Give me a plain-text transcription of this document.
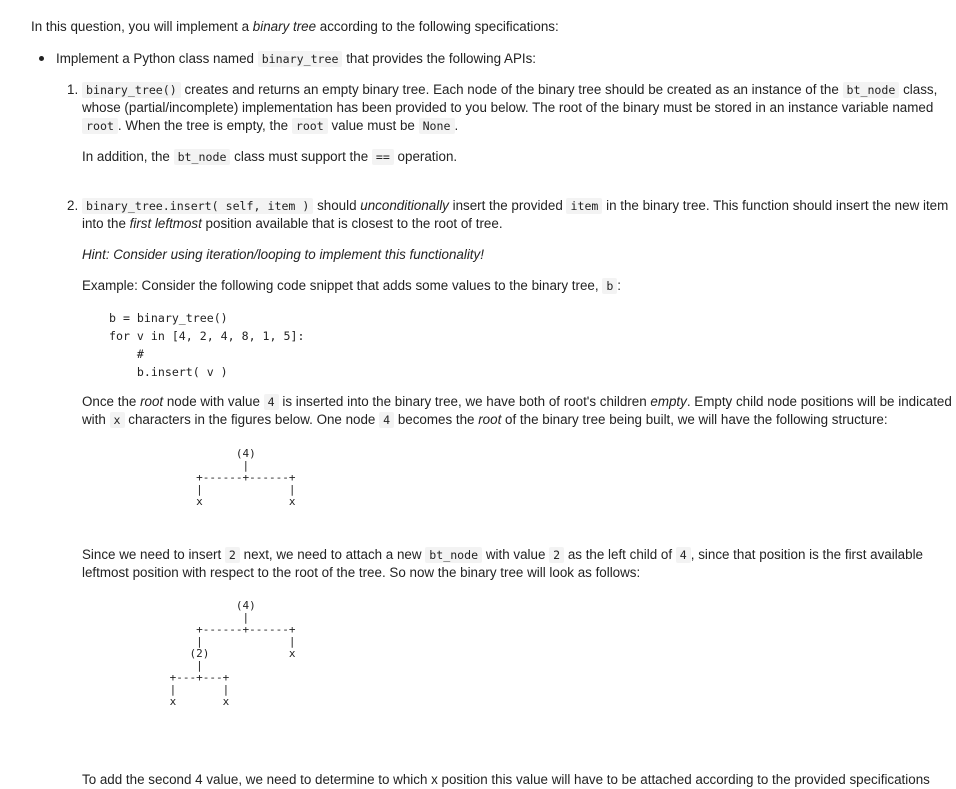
In this question, you will implement a binary tree according to the following specifications:
Implement a Python class named binary_tree that provides the following APIs:
1. binary_tree() creates and returns an empty binary tree. Each node of the binary tree should be created as an instance of the bt_node class,
whose (partial/incomplete) implementation has been provided to you below. The root of the binary must be stored in an instance variable named
root . When the tree is empty, the root value must be None .
In addition, the bt_node class must support the == operation.
2. binary_tree.insert( self, item ) should unconditionally insert the provided item in the binary tree. This function should insert the new item
into the first leftmost position available that is closest to the root of tree.
Hint: Consider using iteration/looping to implement this functionality!
Example: Consider the following code snippet that adds some values to the binary tree, b :
b = binary_tree()
for v in [4, 2, 4, 8, 1, 5]:
#
b.insert( v )
Once the root node with value 4 is inserted into the binary tree, we have both of root's children empty. Empty child node positions will be indicated
with x characters in the figures below. One node 4 becomes the root of the binary tree being built, we will have the following structure:
(4)
|
+------+------+
|             |
x             x
Since we need to insert 2 next, we need to attach a new bt_node with value 2 as the left child of 4 , since that position is the first available
leftmost position with respect to the root of the tree. So now the binary tree will look as follows:
(4)
|
+------+------+
|             |
(2)            x
|
+---+---+
|       |
x       x
To add the second 4 value, we need to determine to which x position this value will have to be attached according to the provided specifications
